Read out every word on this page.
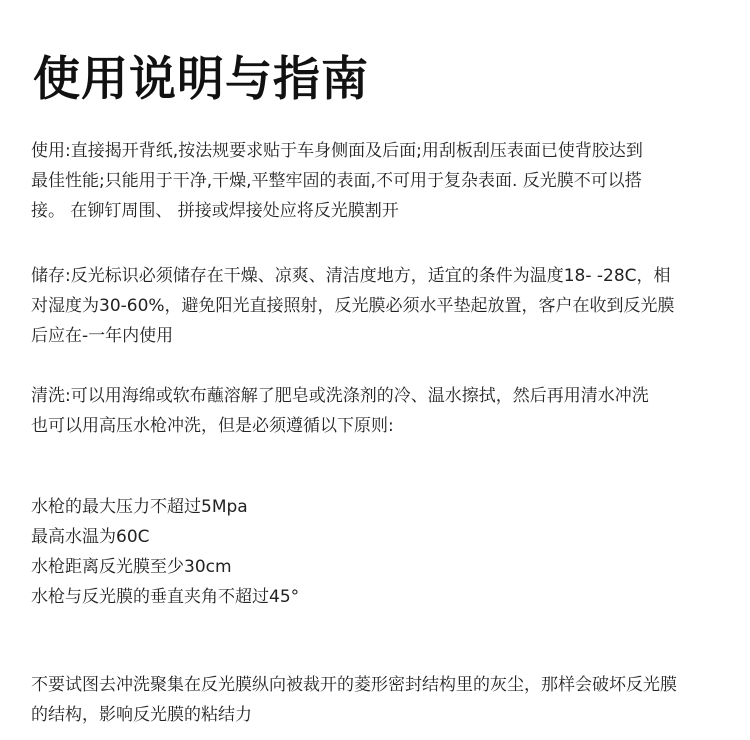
使用说明与指南

使用:直接揭开背纸,按法规要求贴于车身侧面及后面;用刮板刮压表面已使背胶达到

最佳性能;只能用于干净,干燥,平整牢固的表面,不可用于复杂表面. 反光膜不可以搭

接。 在铆钉周围、 拼接或焊接处应将反光膜割开

储存:反光标识必须储存在干燥、凉爽、清洁度地方，适宜的条件为温度18- -28C，相

对湿度为30-60%，避免阳光直接照射，反光膜必须水平垫起放置，客户在收到反光膜

后应在-一年内使用

清洗:可以用海绵或软布蘸溶解了肥皂或洗涤剂的冷、温水擦拭，然后再用清水冲洗

也可以用高压水枪冲洗，但是必须遵循以下原则:

水枪的最大压力不超过5Mpa

最高水温为60C

水枪距离反光膜至少30cm

水枪与反光膜的垂直夹角不超过45°

不要试图去冲洗聚集在反光膜纵向被裁开的菱形密封结构里的灰尘，那样会破坏反光膜

的结构，影响反光膜的粘结力
